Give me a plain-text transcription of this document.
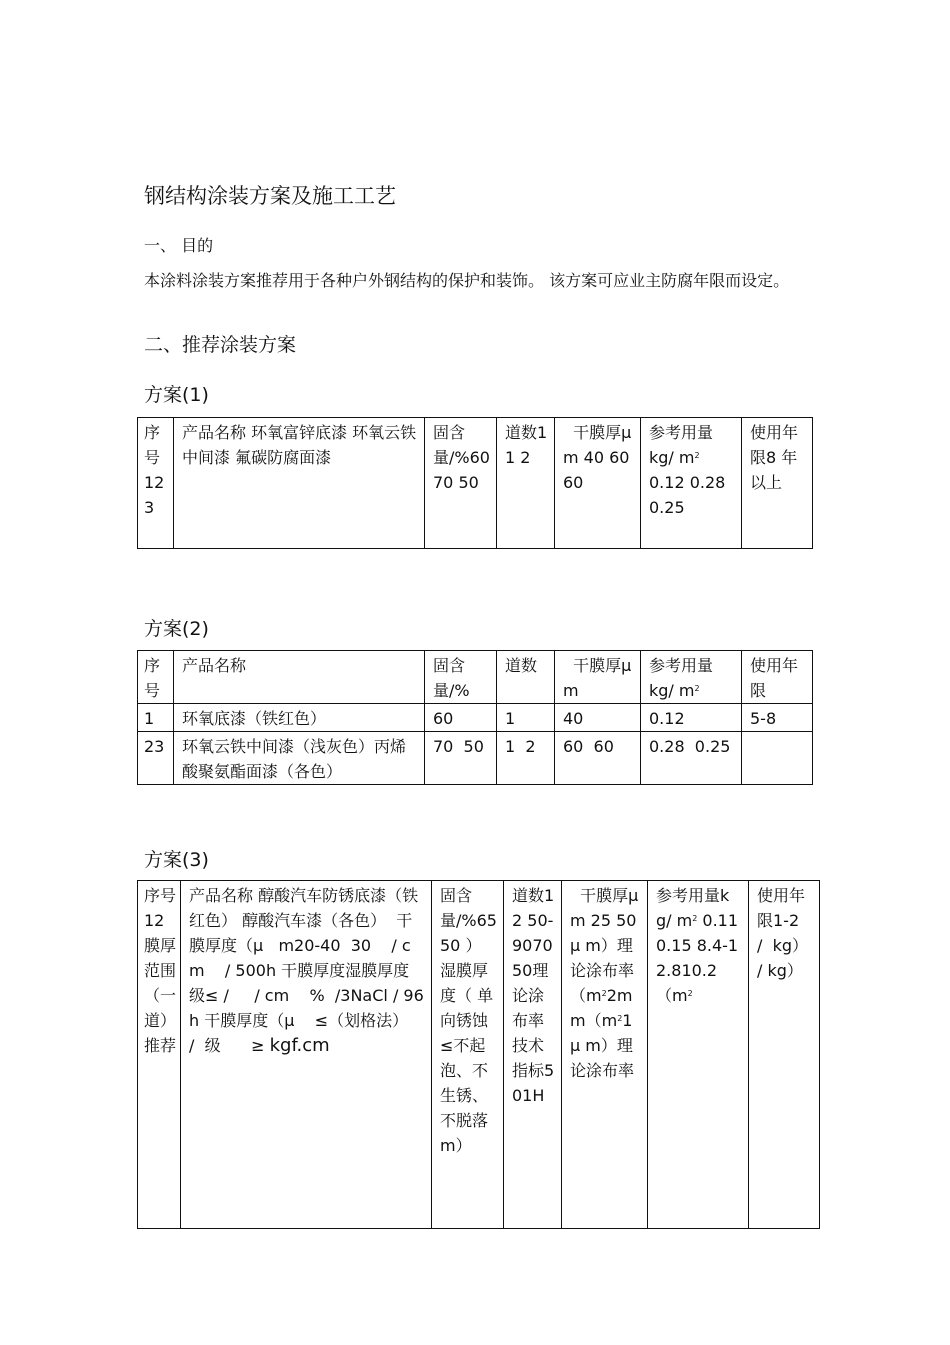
钢结构涂装方案及施工工艺
一、 目的
本涂料涂装方案推荐用于各种户外钢结构的保护和装饰。 该方案可应业主防腐年限而设定。
二、推荐涂装方案
方案(1)
序号123	产品名称 环氧富锌底漆 环氧云铁中间漆 氟碳防腐面漆	固含量/%60 70 50	道数1 1 2	干膜厚μ m 40 60 60	参考用量kg/ $m^2$
0.12 0.28 0.25	使用年限8 年以上
方案(2)
序号	产品名称	固含量/%	道数	干膜厚μ m	参考用量kg/ $m^2$	使用年限
1	环氧底漆（铁红色）	60	1	40	0.12	5-8
23	环氧云铁中间漆（浅灰色）丙烯酸聚氨酯面漆（各色）	70  50	1  2	60  60	0.28  0.25	
方案(3)
序号12膜厚范围（一道）推荐	产品名称 醇酸汽车防锈底漆（铁红色） 醇酸汽车漆（各色）  干膜厚度（μ   m20-40  30    / cm    / 500h 干膜厚度湿膜厚度       级≤ /     / cm    %  /3NaCl / 96h 干膜厚度（μ    ≤（划格法）
/  级      ≥ kgf.cm	固含量/%65 50 ）湿膜厚度（ 单向锈蚀≤不起泡、不生锈、不脱落 m）	道数1 2 50-9070 50理论涂布率技术指标501H	干膜厚μ m 25 50 μ m）理论涂布率（$m^22mm(m^21$  μ m）理论涂布率	参考用量kg/ $m^2$ 0.11  0.15 8.4-12.810.2  （$m^2$	使用年限1-2  /  kg）   / kg）
